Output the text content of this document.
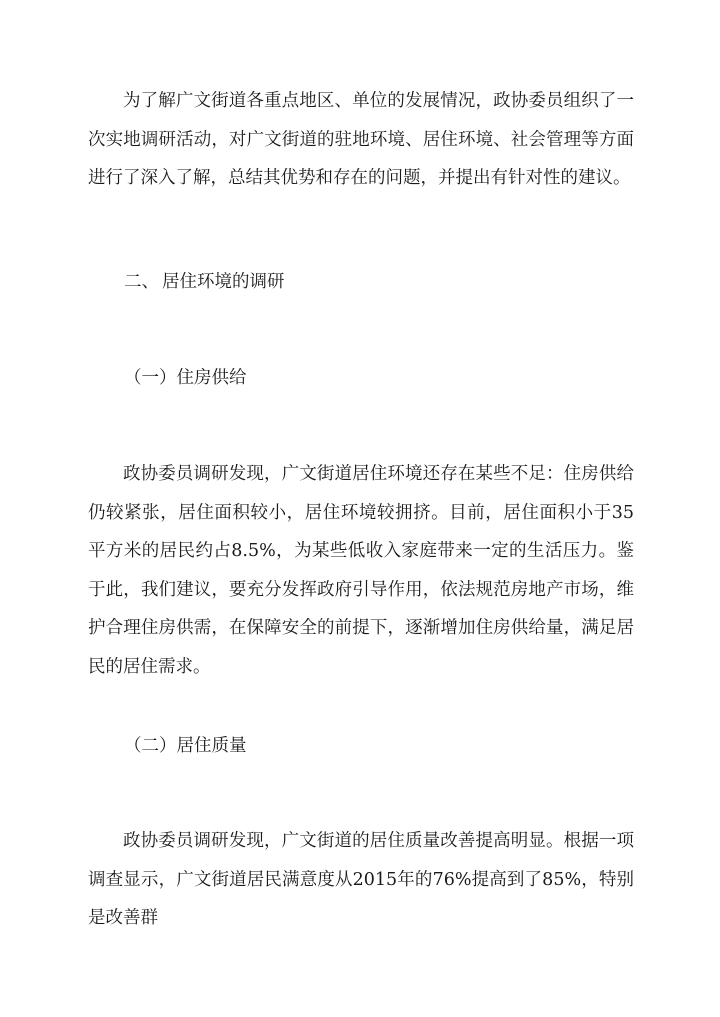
为了解广文街道各重点地区、单位的发展情况，政协委员组织了一次实地调研活动，对广文街道的驻地环境、居住环境、社会管理等方面进行了深入了解，总结其优势和存在的问题，并提出有针对性的建议。

二、 居住环境的调研
（一）住房供给

政协委员调研发现，广文街道居住环境还存在某些不足：住房供给仍较紧张，居住面积较小，居住环境较拥挤。目前，居住面积小于35平方米的居民约占8.5%，为某些低收入家庭带来一定的生活压力。鉴于此，我们建议，要充分发挥政府引导作用，依法规范房地产市场，维护合理住房供需，在保障安全的前提下，逐渐增加住房供给量，满足居民的居住需求。

（二）居住质量

政协委员调研发现，广文街道的居住质量改善提高明显。根据一项调查显示，广文街道居民满意度从2015年的76%提高到了85%，特别是改善群
